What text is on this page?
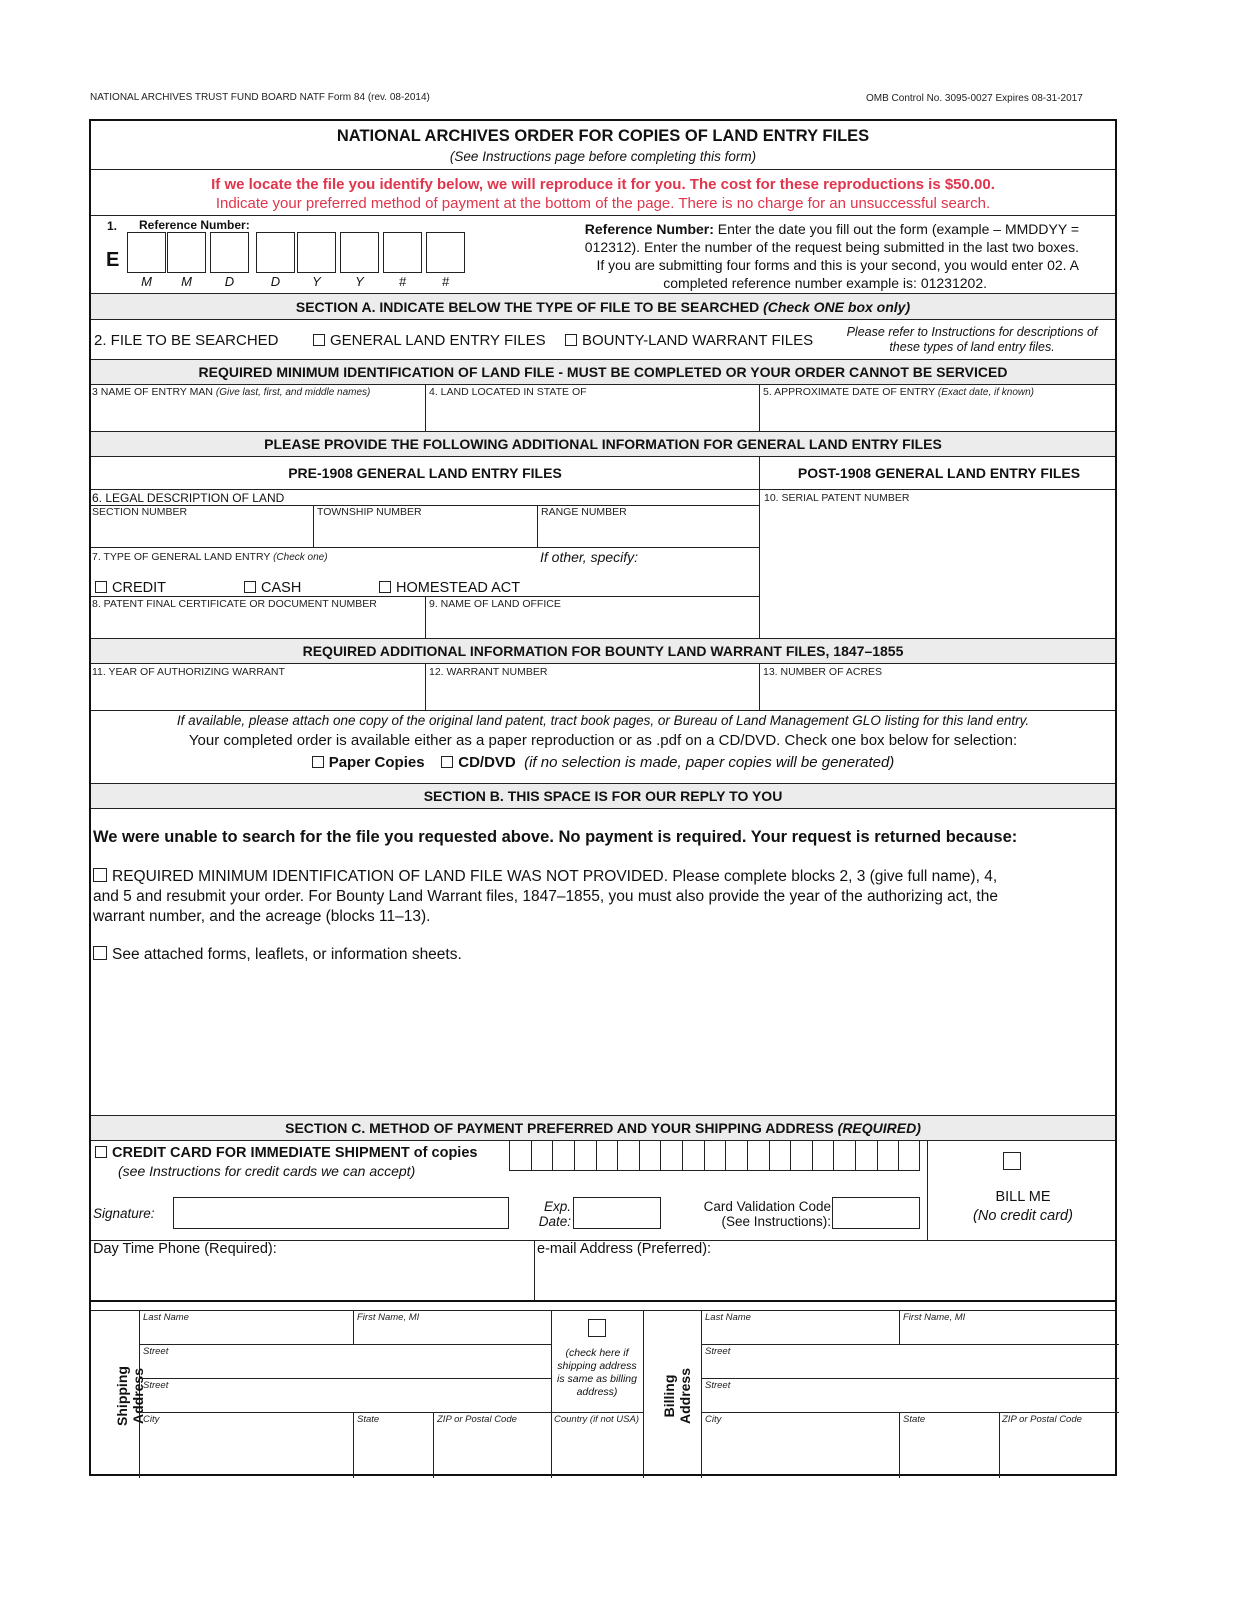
NATIONAL ARCHIVES TRUST FUND BOARD NATF Form 84 (rev. 08-2014)	OMB Control No. 3095-0027 Expires 08-31-2017
NATIONAL ARCHIVES ORDER FOR COPIES OF LAND ENTRY FILES
(See Instructions page before completing this form)
If we locate the file you identify below, we will reproduce it for you. The cost for these reproductions is $50.00.
Indicate your preferred method of payment at the bottom of the page. There is no charge for an unsuccessful search.
1. Reference Number:
E
Reference Number: Enter the date you fill out the form (example – MMDDYY =
012312). Enter the number of the request being submitted in the last two boxes.
If you are submitting four forms and this is your second, you would enter 02. A
completed reference number example is: 01231202.
SECTION A. INDICATE BELOW THE TYPE OF FILE TO BE SEARCHED (Check ONE box only)
2. FILE TO BE SEARCHED	GENERAL LAND ENTRY FILES	BOUNTY-LAND WARRANT FILES	Please refer to Instructions for descriptions of
these types of land entry files.
REQUIRED MINIMUM IDENTIFICATION OF LAND FILE - MUST BE COMPLETED OR YOUR ORDER CANNOT BE SERVICED
3 NAME OF ENTRY MAN (Give last, first, and middle names)	4. LAND LOCATED IN STATE OF	5. APPROXIMATE DATE OF ENTRY (Exact date, if known)
PLEASE PROVIDE THE FOLLOWING ADDITIONAL INFORMATION FOR GENERAL LAND ENTRY FILES
PRE-1908 GENERAL LAND ENTRY FILES	POST-1908 GENERAL LAND ENTRY FILES
6. LEGAL DESCRIPTION OF LAND
SECTION NUMBER	TOWNSHIP NUMBER	RANGE NUMBER
10. SERIAL PATENT NUMBER
7. TYPE OF GENERAL LAND ENTRY (Check one)	If other, specify:
CREDIT	CASH	HOMESTEAD ACT
8. PATENT FINAL CERTIFICATE OR DOCUMENT NUMBER	9. NAME OF LAND OFFICE
REQUIRED ADDITIONAL INFORMATION FOR BOUNTY LAND WARRANT FILES, 1847–1855
11. YEAR OF AUTHORIZING WARRANT	12. WARRANT NUMBER	13. NUMBER OF ACRES
If available, please attach one copy of the original land patent, tract book pages, or Bureau of Land Management GLO listing for this land entry.
Your completed order is available either as a paper reproduction or as .pdf on a CD/DVD. Check one box below for selection:
Paper Copies CD/DVD (if no selection is made, paper copies will be generated)
SECTION B. THIS SPACE IS FOR OUR REPLY TO YOU
We were unable to search for the file you requested above. No payment is required. Your request is returned because:
REQUIRED MINIMUM IDENTIFICATION OF LAND FILE WAS NOT PROVIDED. Please complete blocks 2, 3 (give full name), 4,
and 5 and resubmit your order. For Bounty Land Warrant files, 1847–1855, you must also provide the year of the authorizing act, the
warrant number, and the acreage (blocks 11–13).
See attached forms, leaflets, or information sheets.
SECTION C. METHOD OF PAYMENT PREFERRED AND YOUR SHIPPING ADDRESS (REQUIRED)
CREDIT CARD FOR IMMEDIATE SHIPMENT of copies
(see Instructions for credit cards we can accept)
Signature:	Exp.
Date:
Card Validation Code
(See Instructions):
BILL ME
(No credit card)
Day Time Phone (Required):	e-mail Address (Preferred):
Shipping Address
Last Name	First Name, MI
Street
Street
City	State	ZIP or Postal Code
(check here if
shipping address
is same as billing
address)
Country (if not USA)
Billing Address
Last Name	First Name, MI
Street
Street
City	State	ZIP or Postal Code
M	M	D	D	Y	Y	#	#
